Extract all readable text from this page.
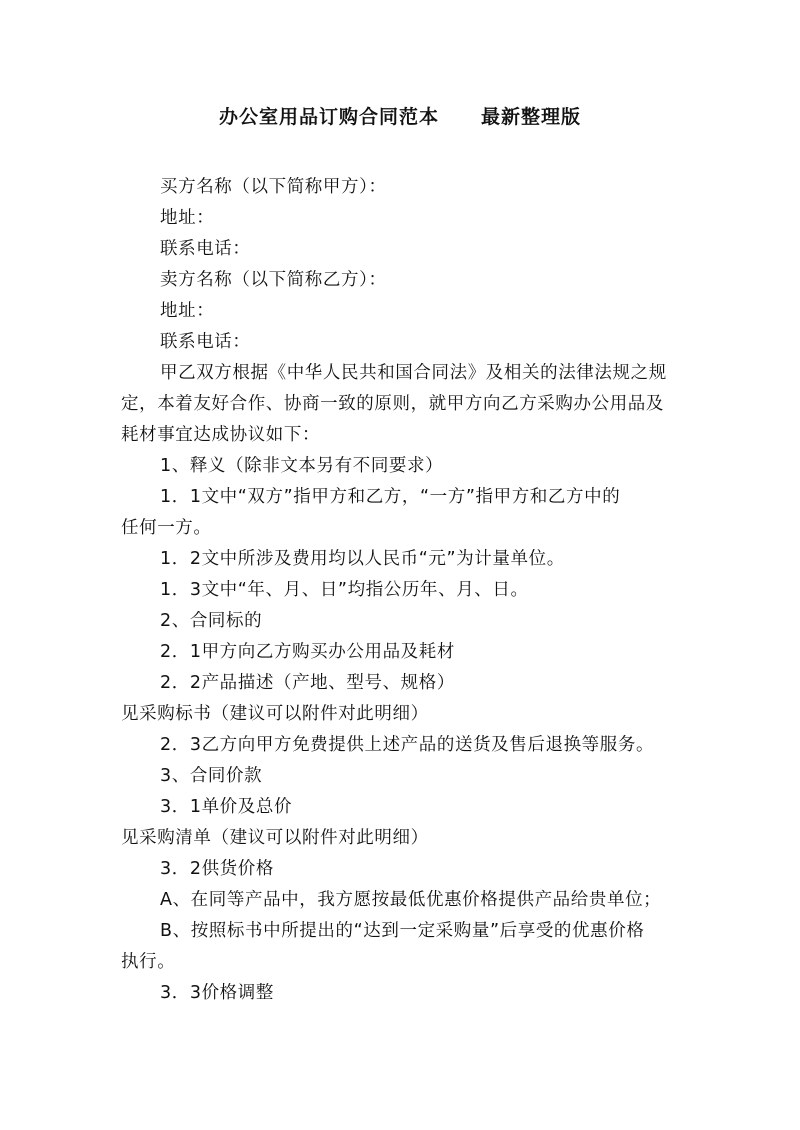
办公室用品订购合同范本 最新整理版
买方名称（以下简称甲方）：
地址：
联系电话：
卖方名称（以下简称乙方）：
地址：
联系电话：
甲乙双方根据《中华人民共和国合同法》及相关的法律法规之规
定，本着友好合作、协商一致的原则，就甲方向乙方采购办公用品及
耗材事宜达成协议如下：
1、释义（除非文本另有不同要求）
1．1文中“双方”指甲方和乙方，“一方”指甲方和乙方中的
任何一方。
1．2文中所涉及费用均以人民币“元”为计量单位。
1．3文中“年、月、日”均指公历年、月、日。
2、合同标的
2．1甲方向乙方购买办公用品及耗材
2．2产品描述（产地、型号、规格）
见采购标书（建议可以附件对此明细）
2．3乙方向甲方免费提供上述产品的送货及售后退换等服务。
3、合同价款
3．1单价及总价
见采购清单（建议可以附件对此明细）
3．2供货价格
A、在同等产品中，我方愿按最低优惠价格提供产品给贵单位；
B、按照标书中所提出的“达到一定采购量”后享受的优惠价格
执行。
3．3价格调整
